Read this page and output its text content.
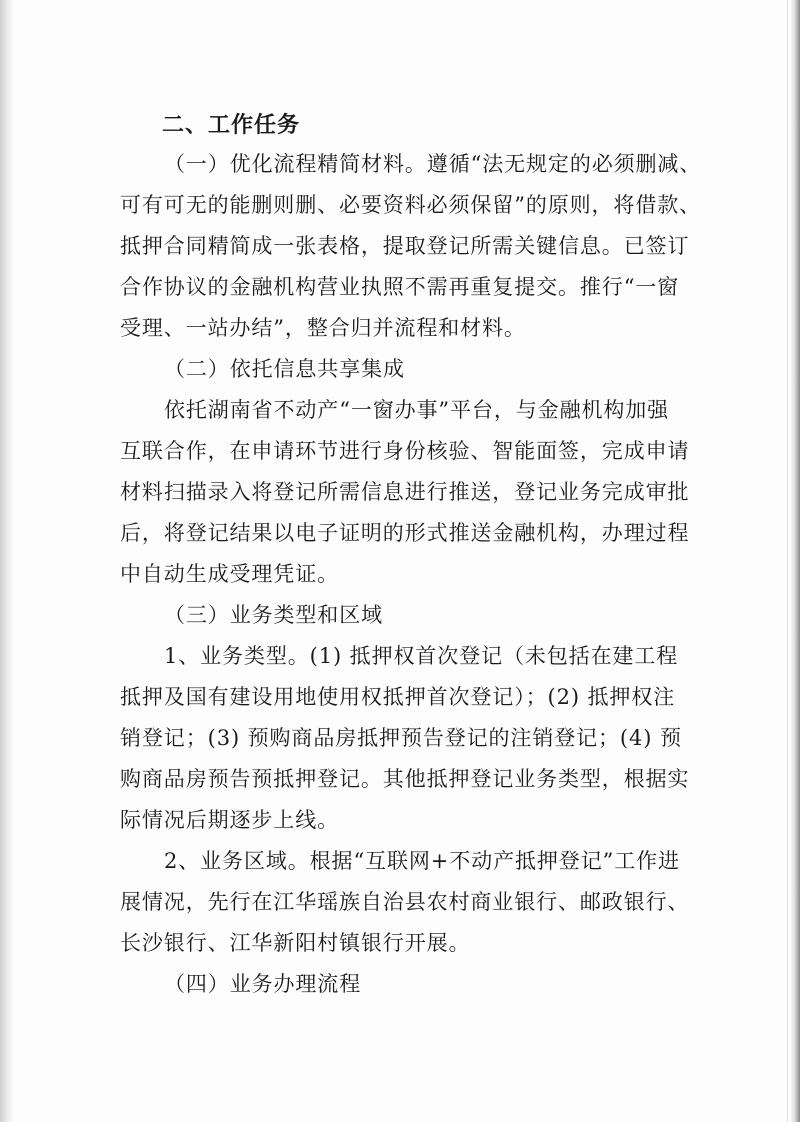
二、工作任务
（一）优化流程精简材料。遵循“法无规定的必须删减、
可有可无的能删则删、必要资料必须保留”的原则，将借款、
抵押合同精简成一张表格，提取登记所需关键信息。已签订
合作协议的金融机构营业执照不需再重复提交。推行“一窗
受理、一站办结”，整合归并流程和材料。
（二）依托信息共享集成
依托湖南省不动产“一窗办事”平台，与金融机构加强
互联合作，在申请环节进行身份核验、智能面签，完成申请
材料扫描录入将登记所需信息进行推送，登记业务完成审批
后，将登记结果以电子证明的形式推送金融机构，办理过程
中自动生成受理凭证。
（三）业务类型和区域
1、业务类型。(1) 抵押权首次登记（未包括在建工程
抵押及国有建设用地使用权抵押首次登记）；(2) 抵押权注
销登记；(3) 预购商品房抵押预告登记的注销登记；(4) 预
购商品房预告预抵押登记。其他抵押登记业务类型，根据实
际情况后期逐步上线。
2、业务区域。根据“互联网+不动产抵押登记”工作进
展情况，先行在江华瑶族自治县农村商业银行、邮政银行、
长沙银行、江华新阳村镇银行开展。
（四）业务办理流程
